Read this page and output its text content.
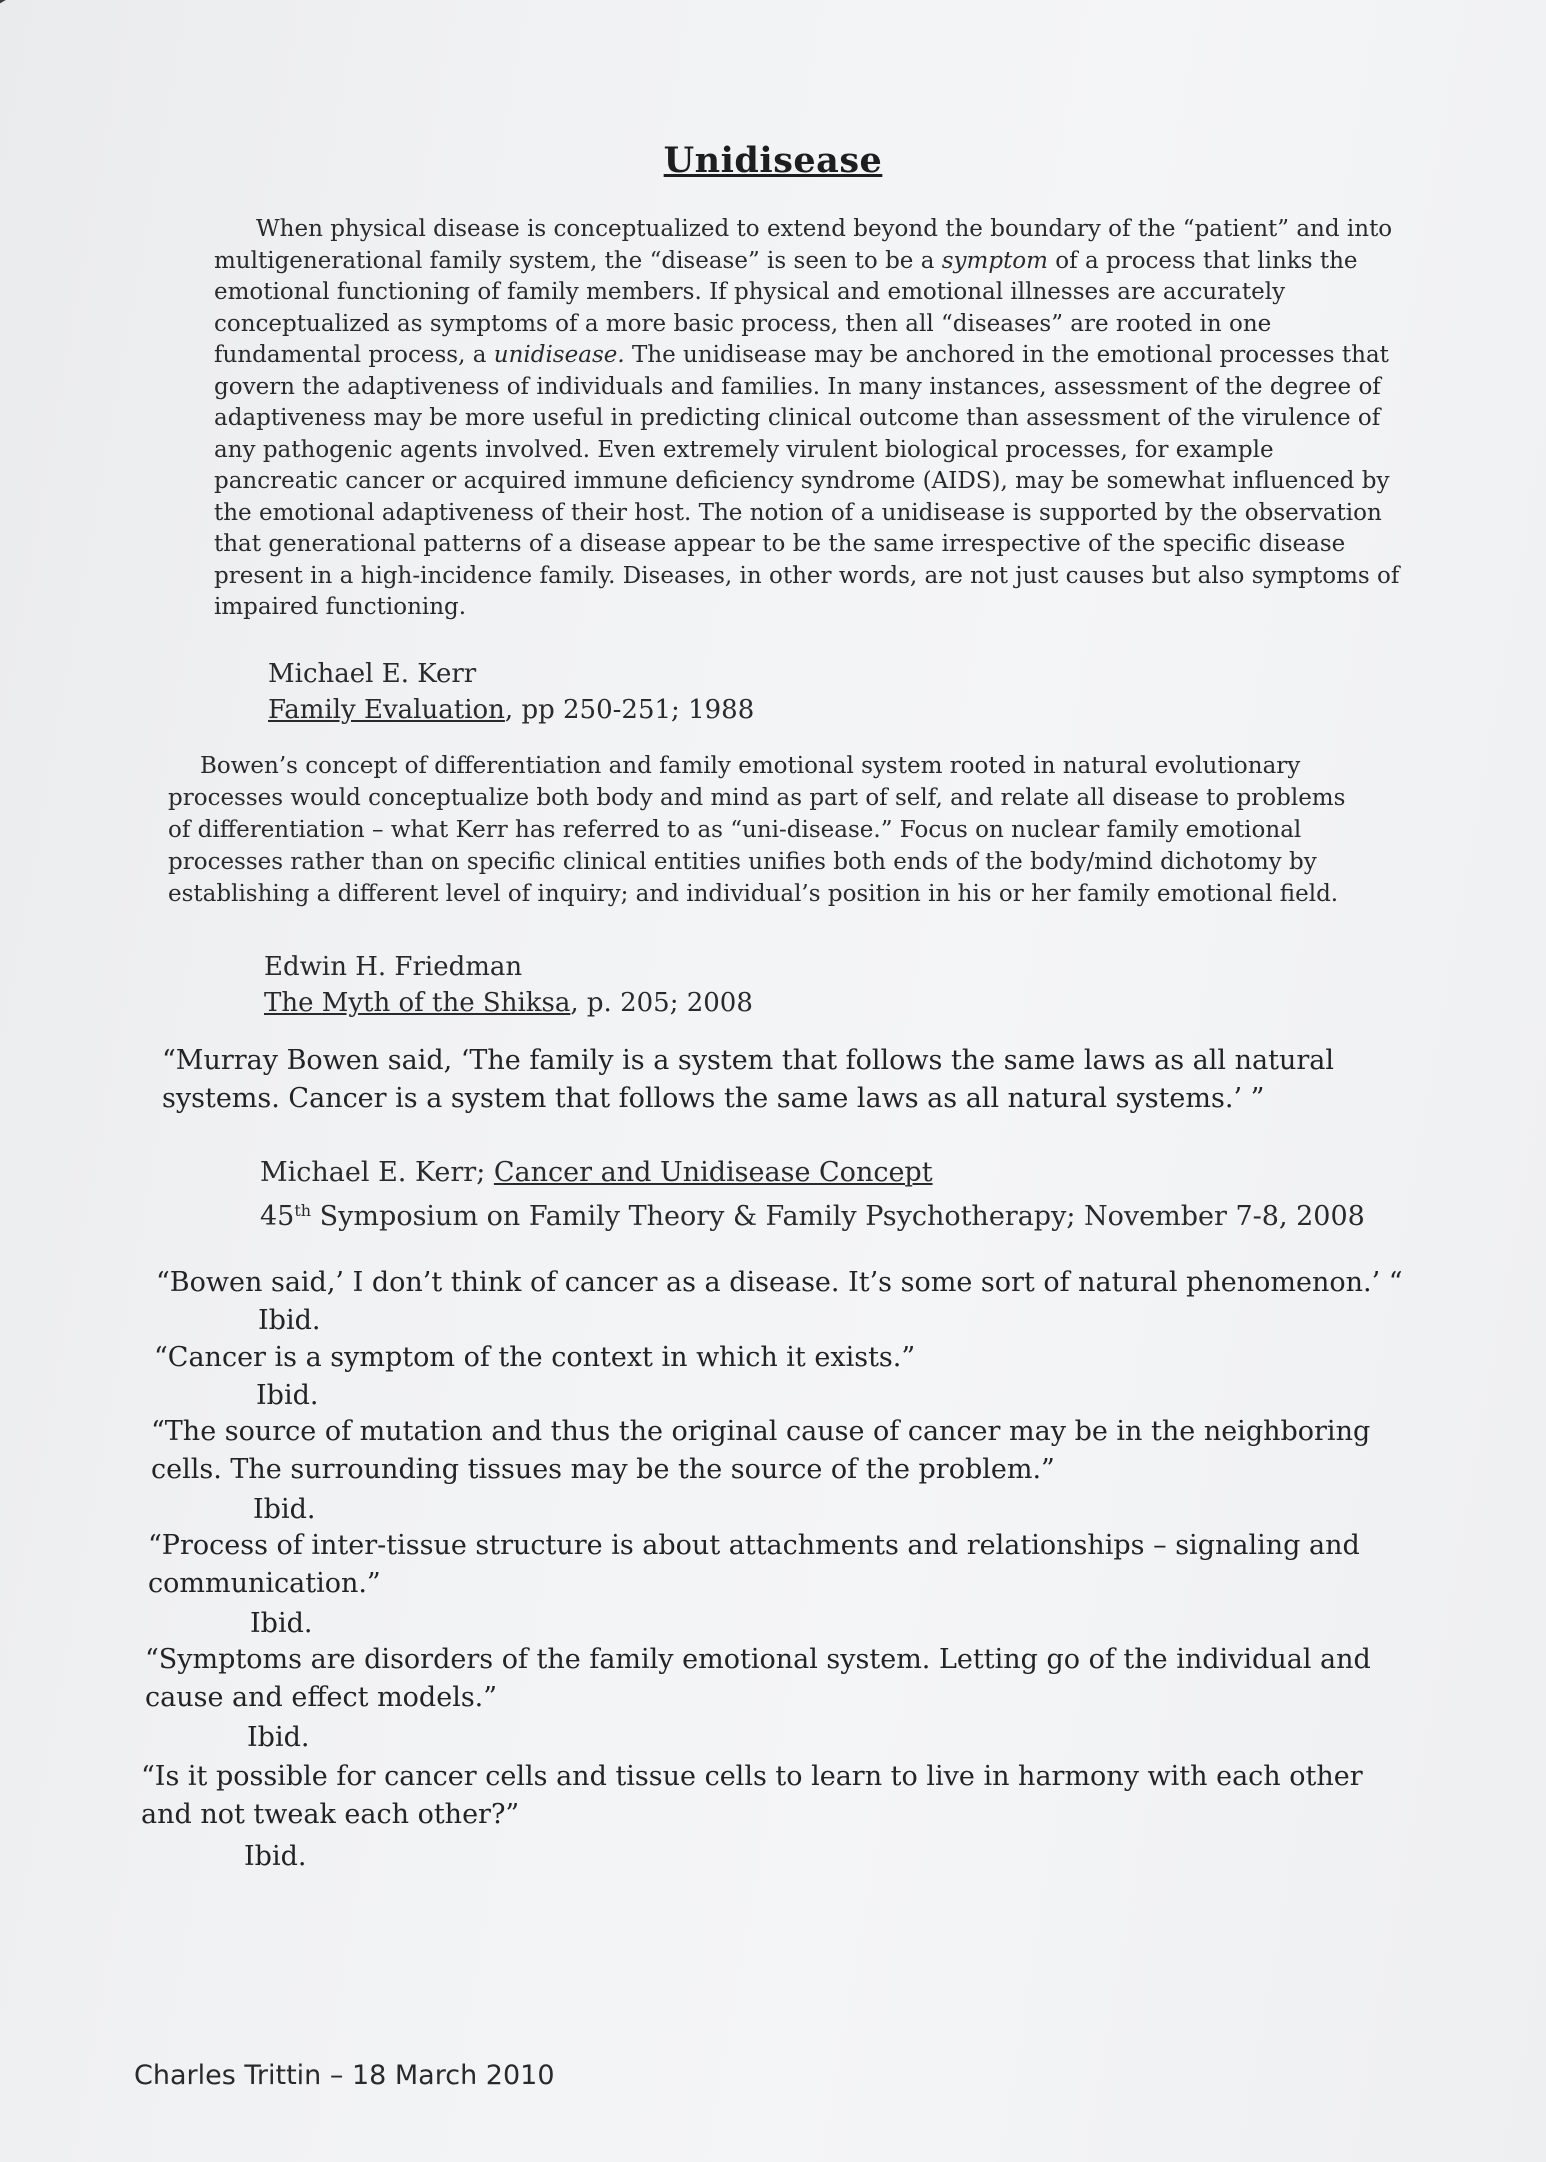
Unidisease
When physical disease is conceptualized to extend beyond the boundary of the “patient” and into
multigenerational family system, the “disease” is seen to be a symptom of a process that links the
emotional functioning of family members. If physical and emotional illnesses are accurately
conceptualized as symptoms of a more basic process, then all “diseases” are rooted in one
fundamental process, a unidisease. The unidisease may be anchored in the emotional processes that
govern the adaptiveness of individuals and families. In many instances, assessment of the degree of
adaptiveness may be more useful in predicting clinical outcome than assessment of the virulence of
any pathogenic agents involved. Even extremely virulent biological processes, for example
pancreatic cancer or acquired immune deficiency syndrome (AIDS), may be somewhat influenced by
the emotional adaptiveness of their host. The notion of a unidisease is supported by the observation
that generational patterns of a disease appear to be the same irrespective of the specific disease
present in a high-incidence family. Diseases, in other words, are not just causes but also symptoms of
impaired functioning.
Michael E. Kerr
Family Evaluation, pp 250-251; 1988
Bowen’s concept of differentiation and family emotional system rooted in natural evolutionary
processes would conceptualize both body and mind as part of self, and relate all disease to problems
of differentiation – what Kerr has referred to as “uni-disease.” Focus on nuclear family emotional
processes rather than on specific clinical entities unifies both ends of the body/mind dichotomy by
establishing a different level of inquiry; and individual’s position in his or her family emotional field.
Edwin H. Friedman
The Myth of the Shiksa, p. 205; 2008
“Murray Bowen said, ‘The family is a system that follows the same laws as all natural
systems. Cancer is a system that follows the same laws as all natural systems.’ ”
Michael E. Kerr; Cancer and Unidisease Concept
45th Symposium on Family Theory & Family Psychotherapy; November 7-8, 2008
“Bowen said,’ I don’t think of cancer as a disease. It’s some sort of natural phenomenon.’ “
Ibid.
“Cancer is a symptom of the context in which it exists.”
Ibid.
“The source of mutation and thus the original cause of cancer may be in the neighboring
cells. The surrounding tissues may be the source of the problem.”
Ibid.
“Process of inter-tissue structure is about attachments and relationships – signaling and
communication.”
Ibid.
“Symptoms are disorders of the family emotional system. Letting go of the individual and
cause and effect models.”
Ibid.
“Is it possible for cancer cells and tissue cells to learn to live in harmony with each other
and not tweak each other?”
Ibid.
Charles Trittin – 18 March 2010
